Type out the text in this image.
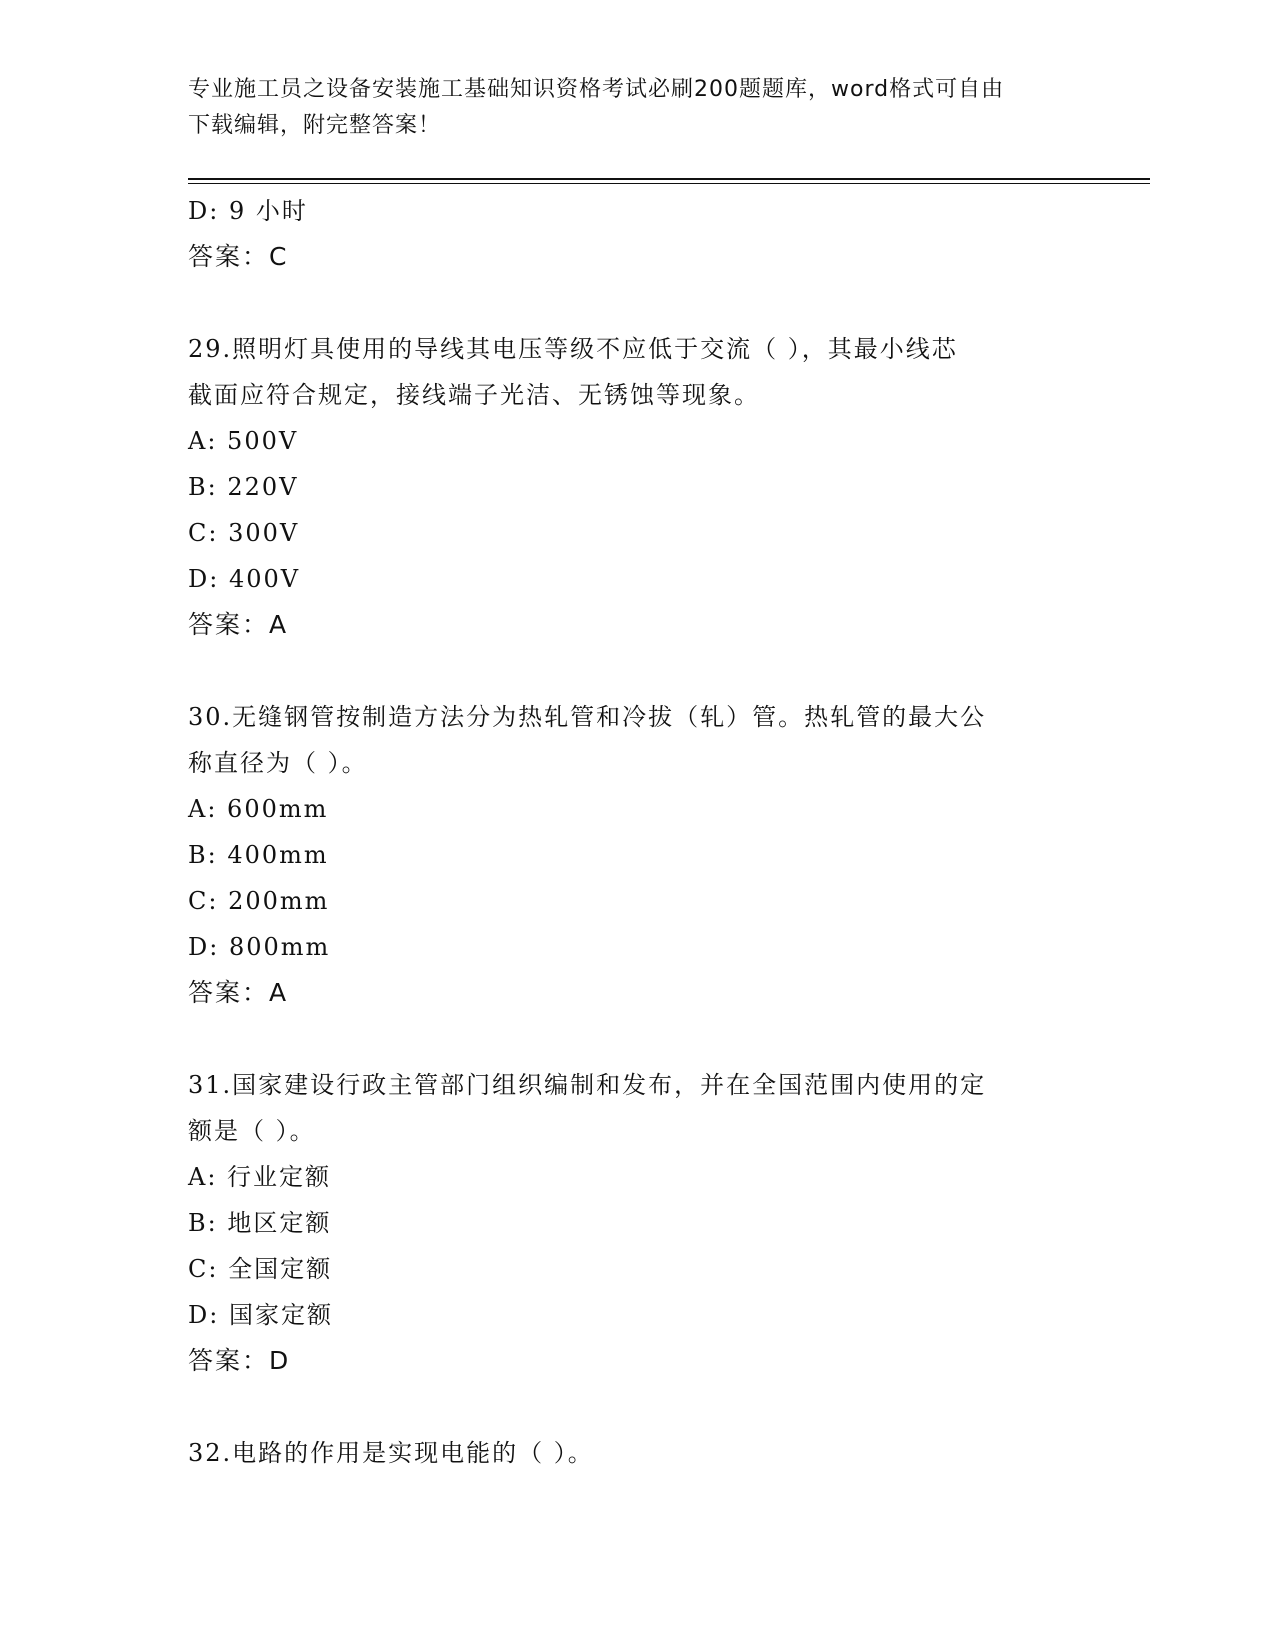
专业施工员之设备安装施工基础知识资格考试必刷200题题库，word格式可自由
下载编辑，附完整答案！
D: 9 小时
答案：C
29.照明灯具使用的导线其电压等级不应低于交流（ ），其最小线芯
截面应符合规定，接线端子光洁、无锈蚀等现象。
A: 500V
B: 220V
C: 300V
D: 400V
答案：A
30.无缝钢管按制造方法分为热轧管和冷拔（轧）管。热轧管的最大公
称直径为（ ）。
A: 600mm
B: 400mm
C: 200mm
D: 800mm
答案：A
31.国家建设行政主管部门组织编制和发布，并在全国范围内使用的定
额是（ ）。
A: 行业定额
B: 地区定额
C: 全国定额
D: 国家定额
答案：D
32.电路的作用是实现电能的（ ）。
